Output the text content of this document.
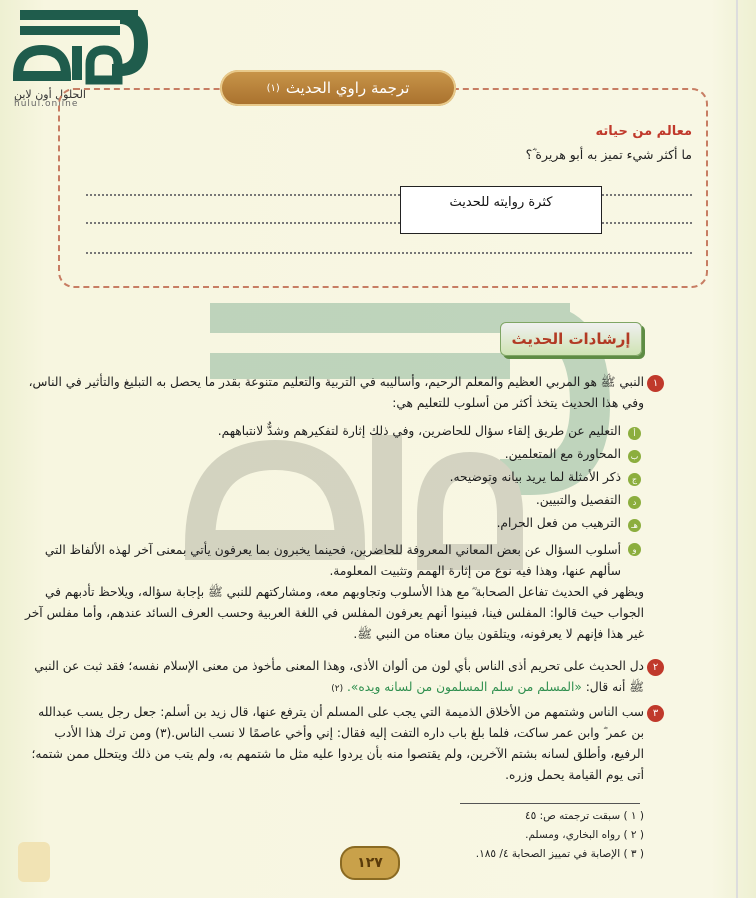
الحلول أون لاين
hulul.online
ترجمة راوي الحديث
(١)
معالم من حياته
ما أكثر شيء تميز به أبو هريرة ؓ؟
كثرة روايته للحديث
إرشادات الحديث
١
النبي ﷺ هو المربي العظيم والمعلم الرحيم، وأساليبه في التربية والتعليم متنوعة بقدر ما يحصل به التبليغ والتأثير في الناس، وفي هذا الحديث يتخذ أكثر من أسلوب للتعليم هي:
أ
التعليم عن طريق إلقاء سؤال للحاضرين، وفي ذلك إثارة لتفكيرهم وشدٌّ لانتباههم.
ب
المحاورة مع المتعلمين.
ج
ذكر الأمثلة لما يريد بيانه وتوضيحه.
د
التفصيل والتبيين.
هـ
الترهيب من فعل الحرام.
و
أسلوب السؤال عن بعض المعاني المعروفة للحاضرين، فحينما يخبرون بما يعرفون يأتي بمعنى آخر لهذه الألفاظ التي سألهم عنها، وهذا فيه نوع من إثارة الهمم وتثبيت المعلومة.
ويظهر في الحديث تفاعل الصحابة ؓ مع هذا الأسلوب وتجاوبهم معه، ومشاركتهم للنبي ﷺ بإجابة سؤاله، ويلاحظ تأدبهم في الجواب حيث قالوا: المفلس فينا، فبينوا أنهم يعرفون المفلس في اللغة العربية وحسب العرف السائد عندهم، وأما مفلس آخر غير هذا فإنهم لا يعرفونه، ويتلقون بيان معناه من النبي ﷺ.
٢
دل الحديث على تحريم أذى الناس بأي لون من ألوان الأذى، وهذا المعنى مأخوذ من معنى الإسلام نفسه؛ فقد ثبت عن النبي ﷺ أنه قال: «المسلم من سلم المسلمون من لسانه ويده». (٢)
٣
سب الناس وشتمهم من الأخلاق الذميمة التي يجب على المسلم أن يترفع عنها، قال زيد بن أسلم: جعل رجل يسب عبدالله بن عمر ؓ وابن عمر ساكت، فلما بلغ باب داره التفت إليه فقال: إني وأخي عاصمًا لا نسب الناس.(٣) ومن ترك هذا الأدب الرفيع، وأطلق لسانه بشتم الآخرين، ولم يقتصوا منه بأن يردوا عليه مثل ما شتمهم به، ولم يتب من ذلك ويتحلل ممن شتمه؛ أتى يوم القيامة يحمل وزره.
( ١ ) سبقت ترجمته ص: ٤٥
( ٢ ) رواه البخاري، ومسلم.
( ٣ ) الإصابة في تمييز الصحابة ٤/ ١٨٥.
١٢٧
